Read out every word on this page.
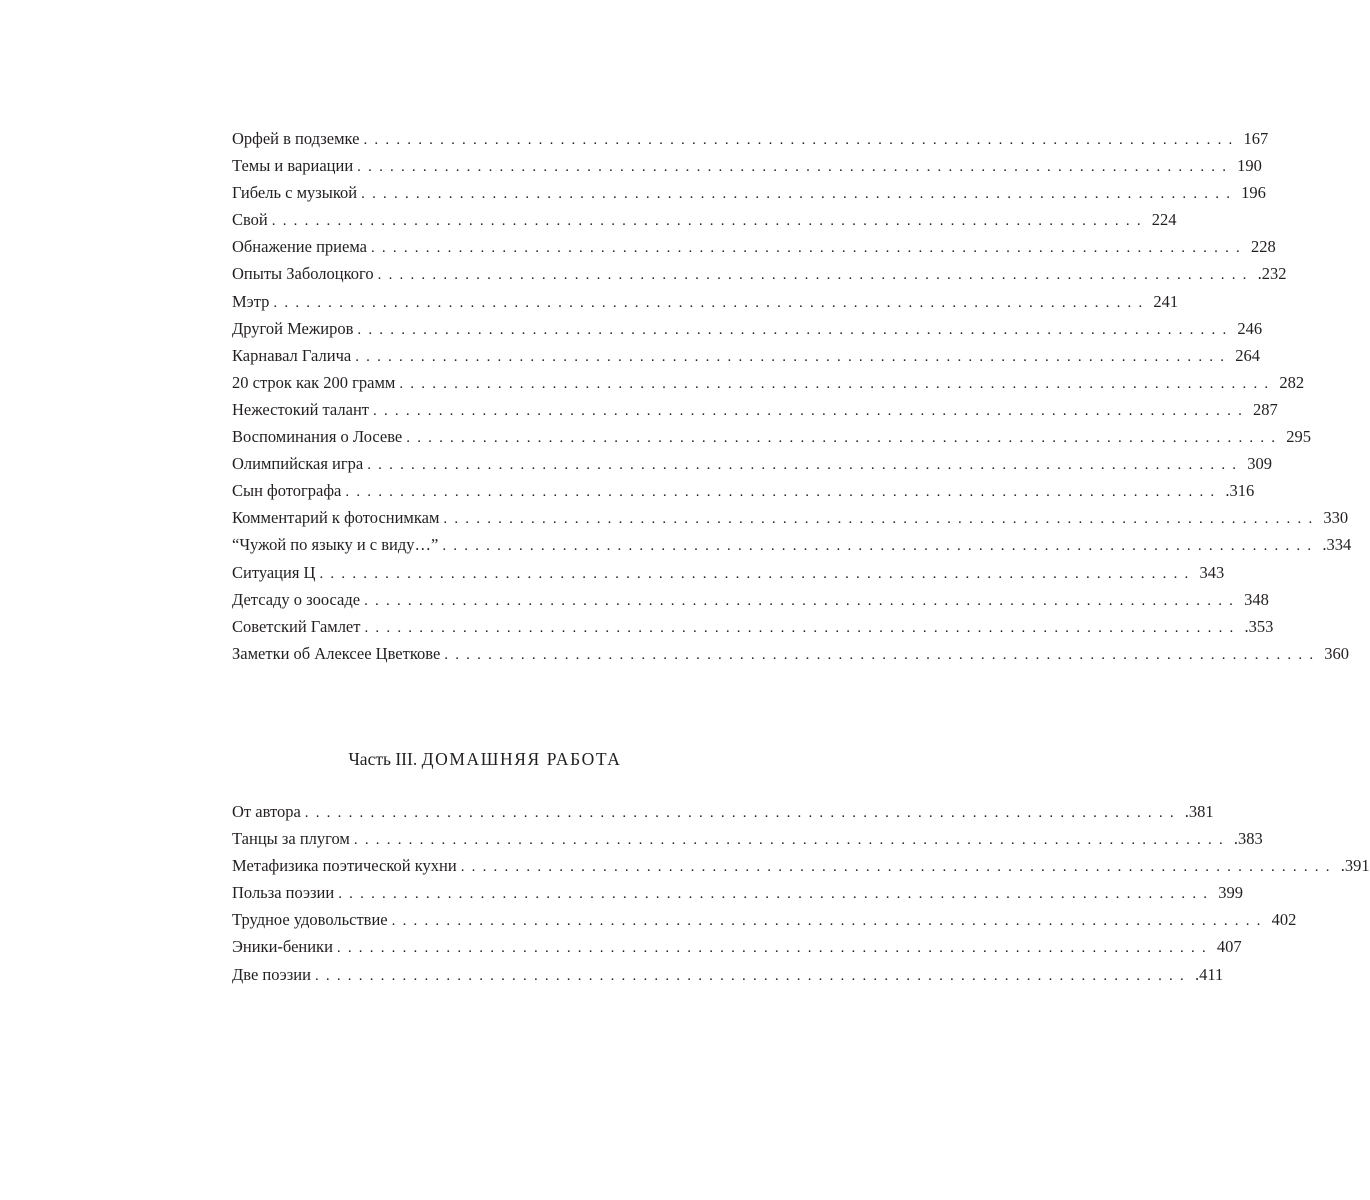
Орфей в подземке ................................................................................ 167
Темы и вариации ................................................................................ 190
Гибель с музыкой ................................................................................ 196
Свой ................................................................................ 224
Обнажение приема ................................................................................ 228
Опыты Заболоцкого ................................................................................ .232
Мэтр ................................................................................ 241
Другой Межиров ................................................................................ 246
Карнавал Галича ................................................................................ 264
20 строк как 200 грамм ................................................................................ 282
Нежестокий талант ................................................................................ 287
Воспоминания о Лосеве ................................................................................ 295
Олимпийская игра ................................................................................ 309
Сын фотографа ................................................................................ .316
Комментарий к фотоснимкам ................................................................................ 330
“Чужой по языку и с виду…” ................................................................................ .334
Ситуация Ц ................................................................................ 343
Детсаду о зоосаде ................................................................................ 348
Советский Гамлет ................................................................................ .353
Заметки об Алексее Цветкове ................................................................................ 360
Часть III. ДОМАШНЯЯ РАБОТА
От автора ................................................................................ .381
Танцы за плугом ................................................................................ .383
Метафизика поэтической кухни ................................................................................ .391
Польза поэзии ................................................................................ 399
Трудное удовольствие ................................................................................ 402
Эники-беники ................................................................................ 407
Две поэзии ................................................................................ .411
